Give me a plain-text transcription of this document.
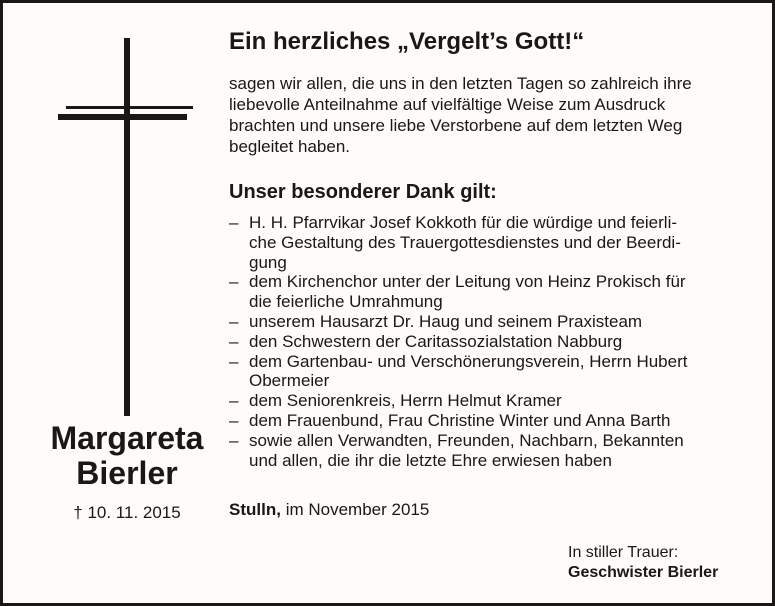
Margareta
Bierler
† 10. 11. 2015
Ein herzliches „Vergelt’s Gott!“
sagen wir allen, die uns in den letzten Tagen so zahlreich ihre
liebevolle Anteilnahme auf vielfältige Weise zum Ausdruck
brachten und unsere liebe Verstorbene auf dem letzten Weg
begleitet haben.
Unser besonderer Dank gilt:
– H. H. Pfarrvikar Josef Kokkoth für die würdige und feierli-
che Gestaltung des Trauergottesdienstes und der Beerdi-
gung
– dem Kirchenchor unter der Leitung von Heinz Prokisch für
die feierliche Umrahmung
– unserem Hausarzt Dr. Haug und seinem Praxisteam
– den Schwestern der Caritassozialstation Nabburg
– dem Gartenbau- und Verschönerungsverein, Herrn Hubert
Obermeier
– dem Seniorenkreis, Herrn Helmut Kramer
– dem Frauenbund, Frau Christine Winter und Anna Barth
– sowie allen Verwandten, Freunden, Nachbarn, Bekannten
und allen, die ihr die letzte Ehre erwiesen haben
Stulln, im November 2015
In stiller Trauer:
Geschwister Bierler
